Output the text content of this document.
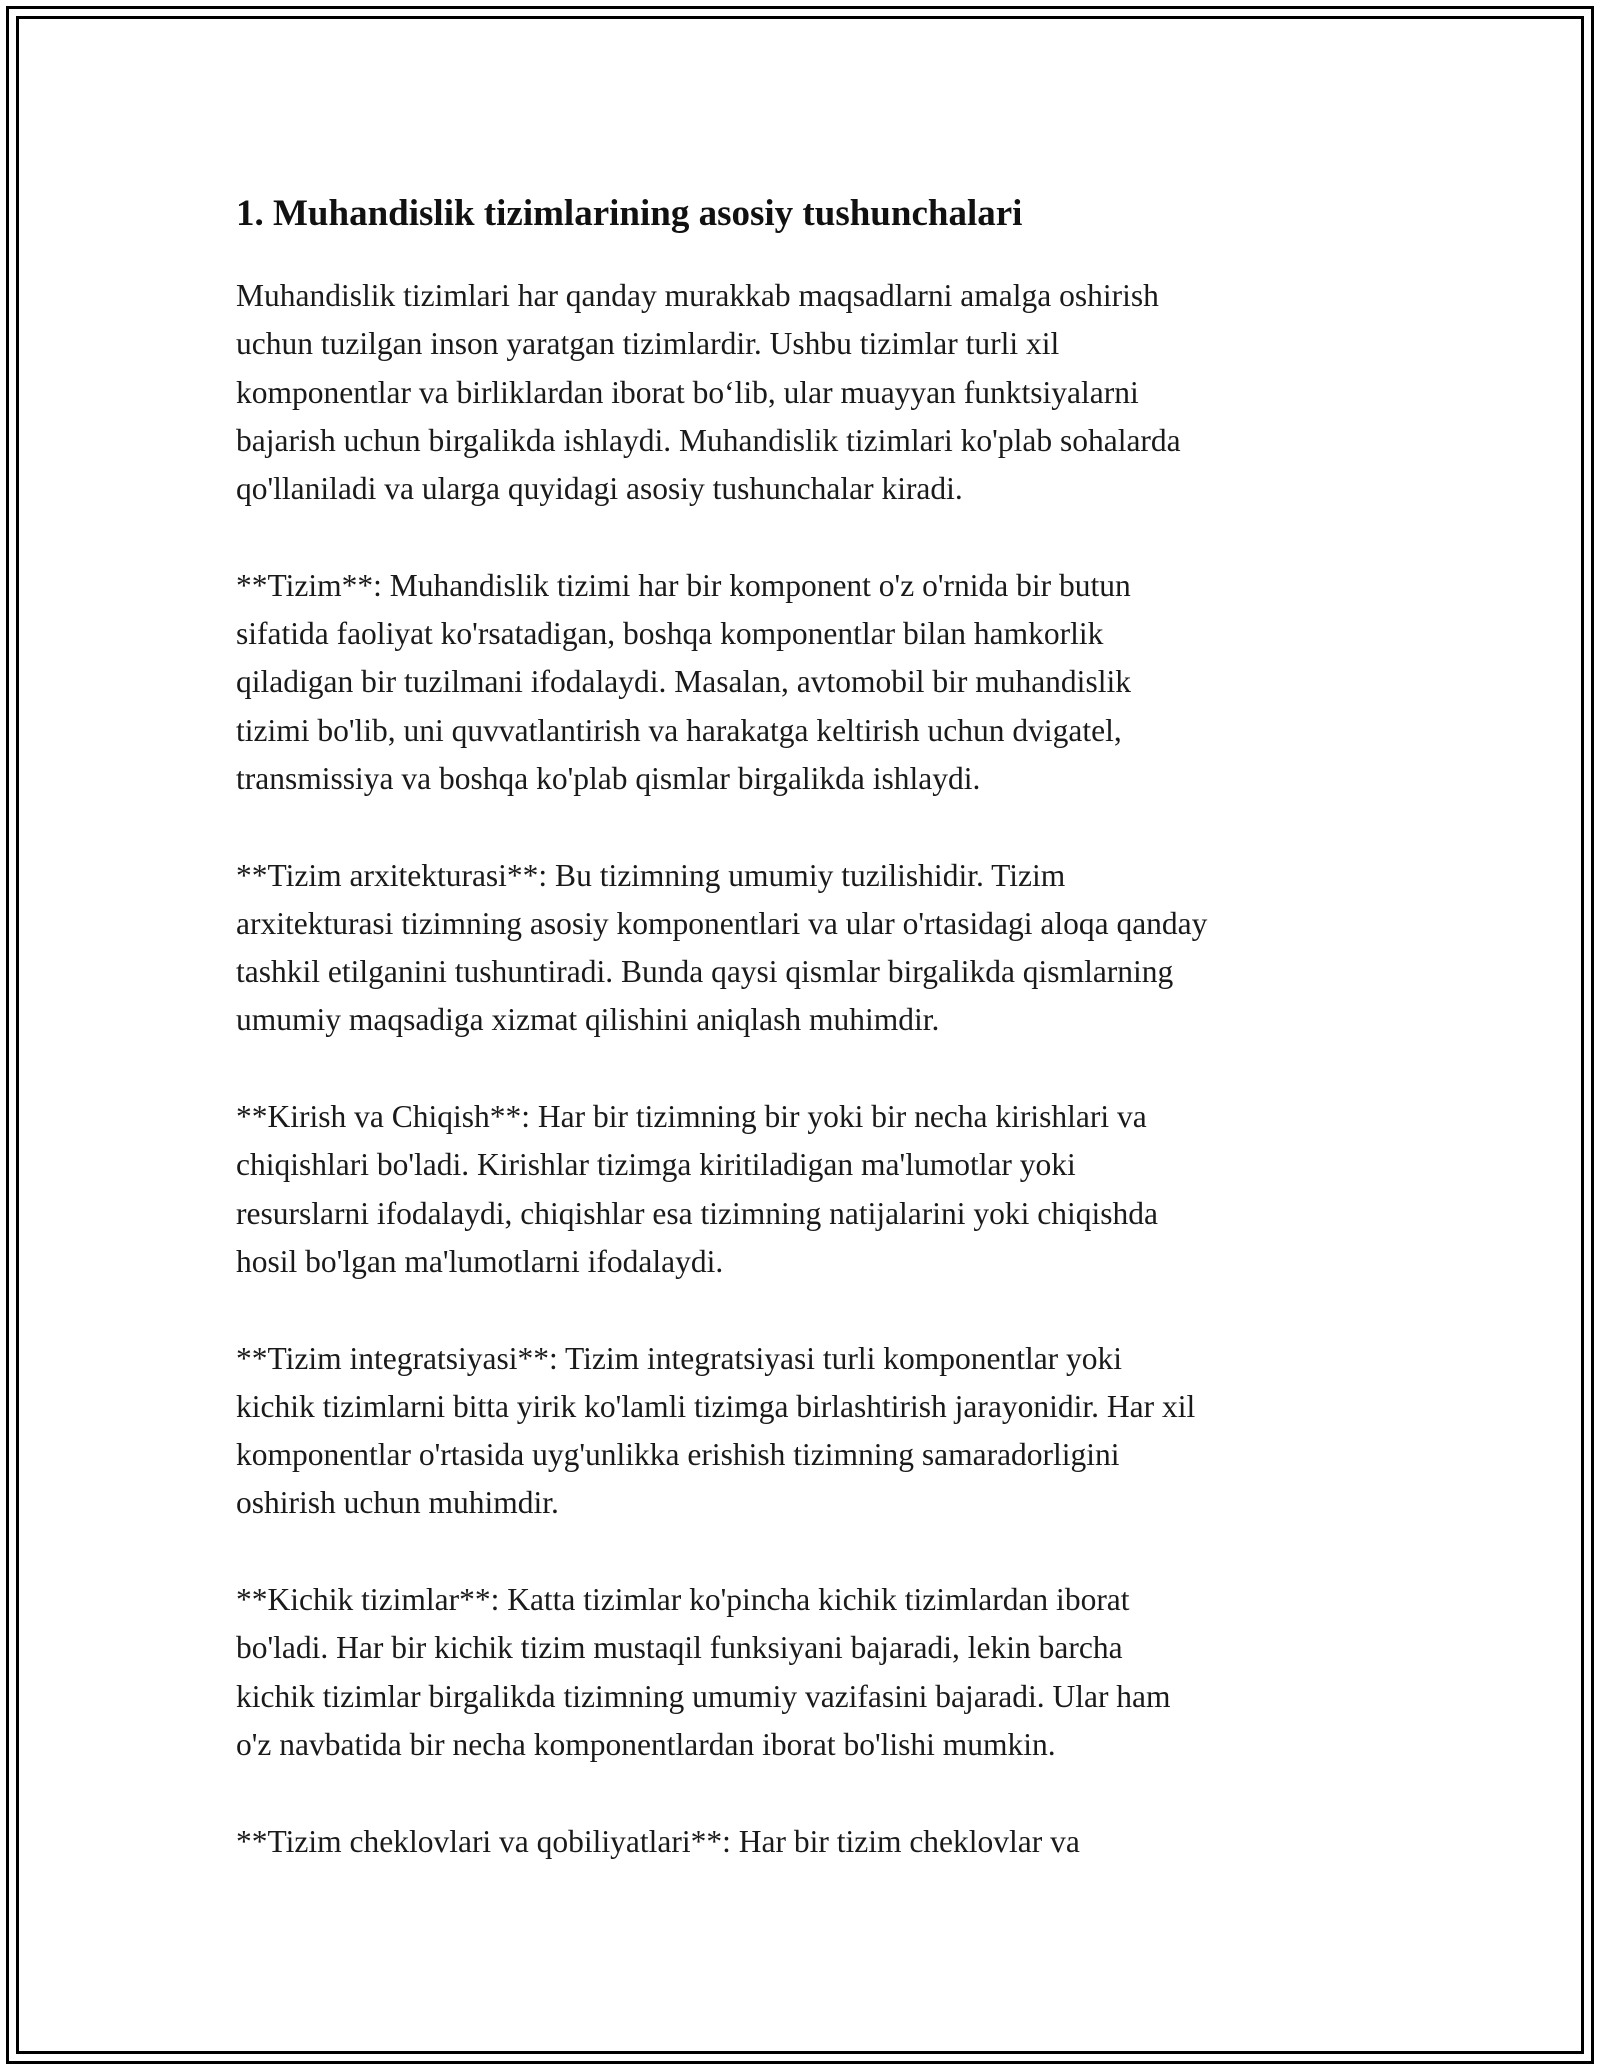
1. Muhandislik tizimlarining asosiy tushunchalari

Muhandislik tizimlari har qanday murakkab maqsadlarni amalga oshirish
uchun tuzilgan inson yaratgan tizimlardir. Ushbu tizimlar turli xil
komponentlar va birliklardan iborat bo‘lib, ular muayyan funktsiyalarni
bajarish uchun birgalikda ishlaydi. Muhandislik tizimlari ko'plab sohalarda
qo'llaniladi va ularga quyidagi asosiy tushunchalar kiradi.

**Tizim**: Muhandislik tizimi har bir komponent o'z o'rnida bir butun
sifatida faoliyat ko'rsatadigan, boshqa komponentlar bilan hamkorlik
qiladigan bir tuzilmani ifodalaydi. Masalan, avtomobil bir muhandislik
tizimi bo'lib, uni quvvatlantirish va harakatga keltirish uchun dvigatel,
transmissiya va boshqa ko'plab qismlar birgalikda ishlaydi.

**Tizim arxitekturasi**: Bu tizimning umumiy tuzilishidir. Tizim
arxitekturasi tizimning asosiy komponentlari va ular o'rtasidagi aloqa qanday
tashkil etilganini tushuntiradi. Bunda qaysi qismlar birgalikda qismlarning
umumiy maqsadiga xizmat qilishini aniqlash muhimdir.

**Kirish va Chiqish**: Har bir tizimning bir yoki bir necha kirishlari va
chiqishlari bo'ladi. Kirishlar tizimga kiritiladigan ma'lumotlar yoki
resurslarni ifodalaydi, chiqishlar esa tizimning natijalarini yoki chiqishda
hosil bo'lgan ma'lumotlarni ifodalaydi.

**Tizim integratsiyasi**: Tizim integratsiyasi turli komponentlar yoki
kichik tizimlarni bitta yirik ko'lamli tizimga birlashtirish jarayonidir. Har xil
komponentlar o'rtasida uyg'unlikka erishish tizimning samaradorligini
oshirish uchun muhimdir.

**Kichik tizimlar**: Katta tizimlar ko'pincha kichik tizimlardan iborat
bo'ladi. Har bir kichik tizim mustaqil funksiyani bajaradi, lekin barcha
kichik tizimlar birgalikda tizimning umumiy vazifasini bajaradi. Ular ham
o'z navbatida bir necha komponentlardan iborat bo'lishi mumkin.

**Tizim cheklovlari va qobiliyatlari**: Har bir tizim cheklovlar va
